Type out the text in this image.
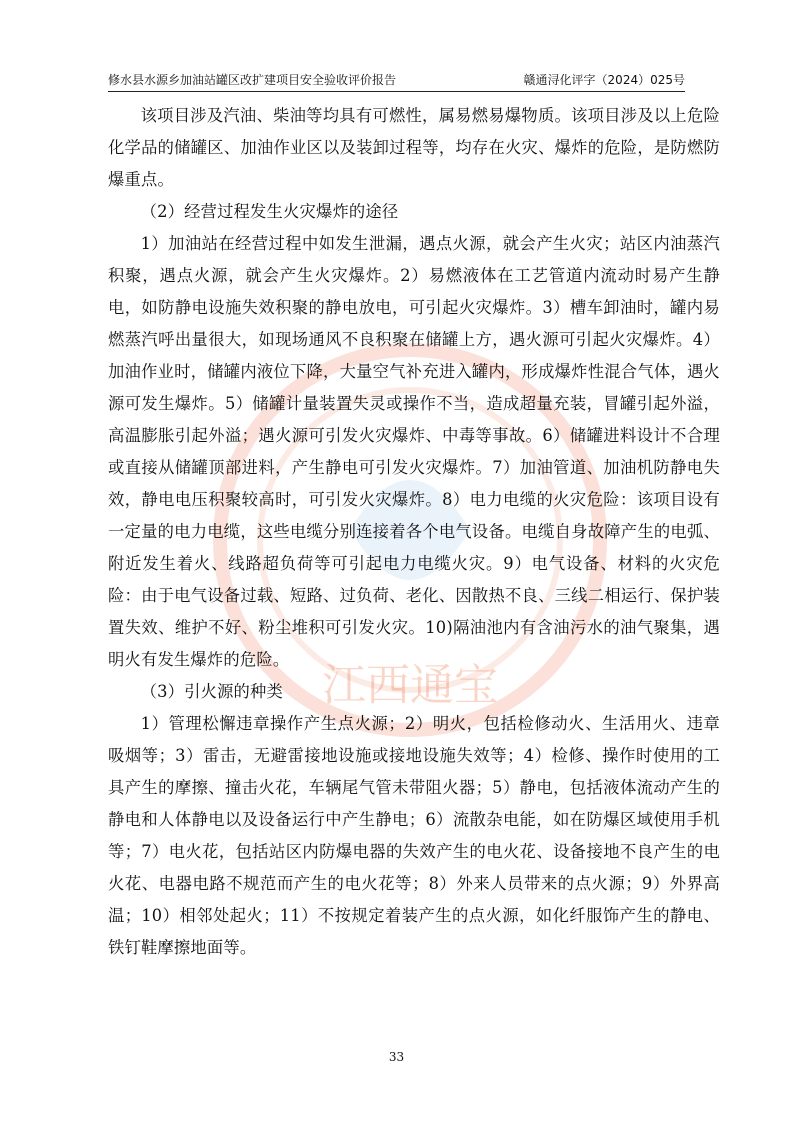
修水县水源乡加油站罐区改扩建项目安全验收评价报告	赣通浔化评字（2024）025号
江西通宝

该项目涉及汽油、柴油等均具有可燃性，属易燃易爆物质。该项目涉及以上危险化学品的储罐区、加油作业区以及装卸过程等，均存在火灾、爆炸的危险，是防燃防爆重点。

（2）经营过程发生火灾爆炸的途径

1）加油站在经营过程中如发生泄漏，遇点火源，就会产生火灾；站区内油蒸汽积聚，遇点火源，就会产生火灾爆炸。2）易燃液体在工艺管道内流动时易产生静电，如防静电设施失效积聚的静电放电，可引起火灾爆炸。3）槽车卸油时，罐内易燃蒸汽呼出量很大，如现场通风不良积聚在储罐上方，遇火源可引起火灾爆炸。4）加油作业时，储罐内液位下降，大量空气补充进入罐内，形成爆炸性混合气体，遇火源可发生爆炸。5）储罐计量装置失灵或操作不当，造成超量充装，冒罐引起外溢，高温膨胀引起外溢；遇火源可引发火灾爆炸、中毒等事故。6）储罐进料设计不合理或直接从储罐顶部进料，产生静电可引发火灾爆炸。7）加油管道、加油机防静电失效，静电电压积聚较高时，可引发火灾爆炸。8）电力电缆的火灾危险：该项目设有一定量的电力电缆，这些电缆分别连接着各个电气设备。电缆自身故障产生的电弧、附近发生着火、线路超负荷等可引起电力电缆火灾。9）电气设备、材料的火灾危险：由于电气设备过载、短路、过负荷、老化、因散热不良、三线二相运行、保护装置失效、维护不好、粉尘堆积可引发火灾。10)隔油池内有含油污水的油气聚集，遇明火有发生爆炸的危险。

（3）引火源的种类

1）管理松懈违章操作产生点火源；2）明火，包括检修动火、生活用火、违章吸烟等；3）雷击，无避雷接地设施或接地设施失效等；4）检修、操作时使用的工具产生的摩擦、撞击火花，车辆尾气管未带阻火器；5）静电，包括液体流动产生的静电和人体静电以及设备运行中产生静电；6）流散杂电能，如在防爆区域使用手机等；7）电火花，包括站区内防爆电器的失效产生的电火花、设备接地不良产生的电火花、电器电路不规范而产生的电火花等；8）外来人员带来的点火源；9）外界高温；10）相邻处起火；11）不按规定着装产生的点火源，如化纤服饰产生的静电、铁钉鞋摩擦地面等。

33
